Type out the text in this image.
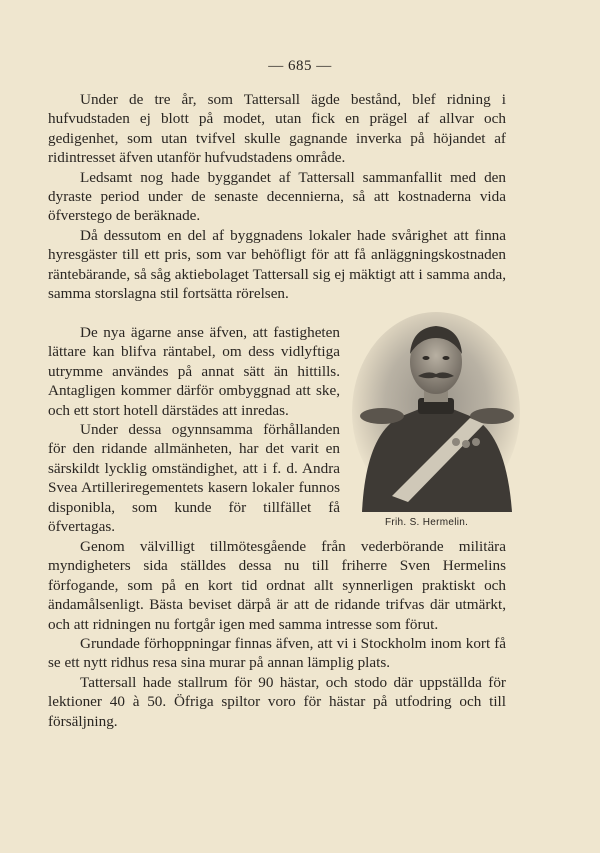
— 685 —

Under de tre år, som Tattersall ägde bestånd, blef ridning i hufvudstaden ej blott på modet, utan fick en prägel af allvar och gedigenhet, som utan tvifvel skulle gagnande inverka på höjandet af ridintresset äfven utanför hufvudstadens område.

Ledsamt nog hade byggandet af Tattersall sammanfallit med den dyraste period under de senaste decennierna, så att kostnaderna vida öfverstego de beräknade.

Då dessutom en del af byggnadens lokaler hade svårighet att finna hyresgäster till ett pris, som var behöfligt för att få anläggningskostnaden räntebärande, så såg aktiebolaget Tattersall sig ej mäktigt att i samma anda, samma storslagna stil fortsätta rörelsen.

De nya ägarne anse äfven, att fastigheten lättare kan blifva räntabel, om dess vidlyftiga utrymme användes på annat sätt än hittills. Antagligen kommer därför ombyggnad att ske, och ett stort hotell därstädes att inredas.

Under dessa ogynnsamma förhållanden för den ridande allmänheten, har det varit en särskildt lycklig omständighet, att i f. d. Andra Svea Artilleriregementets kasern lokaler funnos disponibla, som kunde för tillfället få öfvertagas.	Frih. S. Hermelin.

Genom välvilligt tillmötesgående från vederbörande militära myndigheters sida ställdes dessa nu till friherre Sven Hermelins förfogande, som på en kort tid ordnat allt synnerligen praktiskt och ändamålsenligt. Bästa beviset därpå är att de ridande trifvas där utmärkt, och att ridningen nu fortgår igen med samma intresse som förut.

Grundade förhoppningar finnas äfven, att vi i Stockholm inom kort få se ett nytt ridhus resa sina murar på annan lämplig plats.

Tattersall hade stallrum för 90 hästar, och stodo där uppställda för lektioner 40 à 50. Öfriga spiltor voro för hästar på utfodring och till försäljning.
